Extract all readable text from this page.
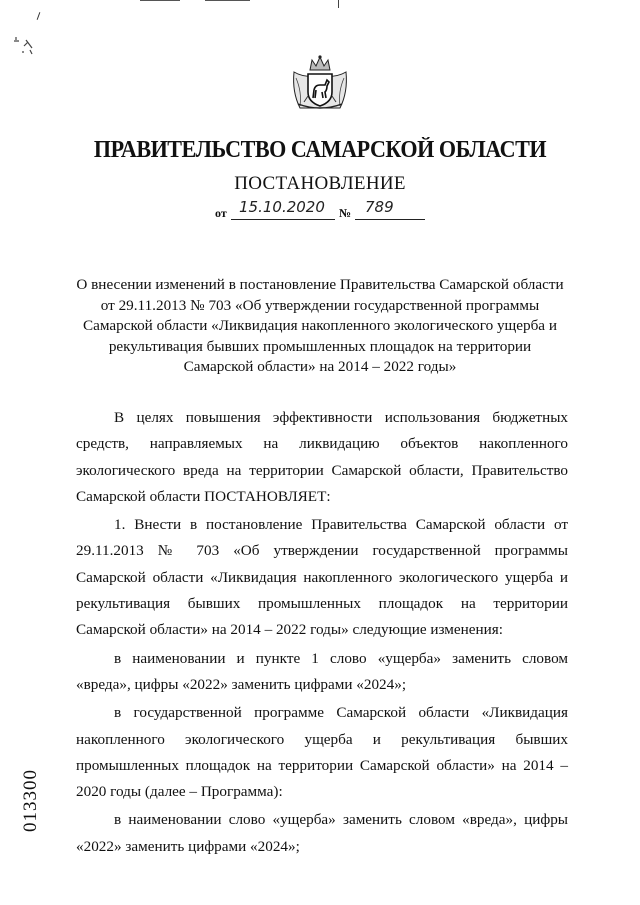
ПРАВИТЕЛЬСТВО САМАРСКОЙ ОБЛАСТИ
ПОСТАНОВЛЕНИЕ
от 15.10.2020 № 789
О внесении изменений в постановление Правительства Самарской области
от 29.11.2013 № 703 «Об утверждении государственной программы
Самарской области «Ликвидация накопленного экологического ущерба и
рекультивация бывших промышленных площадок на территории
Самарской области» на 2014 – 2022 годы»

В целях повышения эффективности использования бюджетных средств, направляемых на ликвидацию объектов накопленного экологического вреда на территории Самарской области, Правительство Самарской области ПОСТАНОВЛЯЕТ:

1. Внести в постановление Правительства Самарской области от 29.11.2013 № 703 «Об утверждении государственной программы Самарской области «Ликвидация накопленного экологического ущерба и рекультивация бывших промышленных площадок на территории Самарской области» на 2014 – 2022 годы» следующие изменения:

в наименовании и пункте 1 слово «ущерба» заменить словом «вреда», цифры «2022» заменить цифрами «2024»;

в государственной программе Самарской области «Ликвидация накопленного экологического ущерба и рекультивация бывших промышленных площадок на территории Самарской области» на 2014 – 2020 годы (далее – Программа):

в наименовании слово «ущерба» заменить словом «вреда», цифры «2022» заменить цифрами «2024»;

013300
